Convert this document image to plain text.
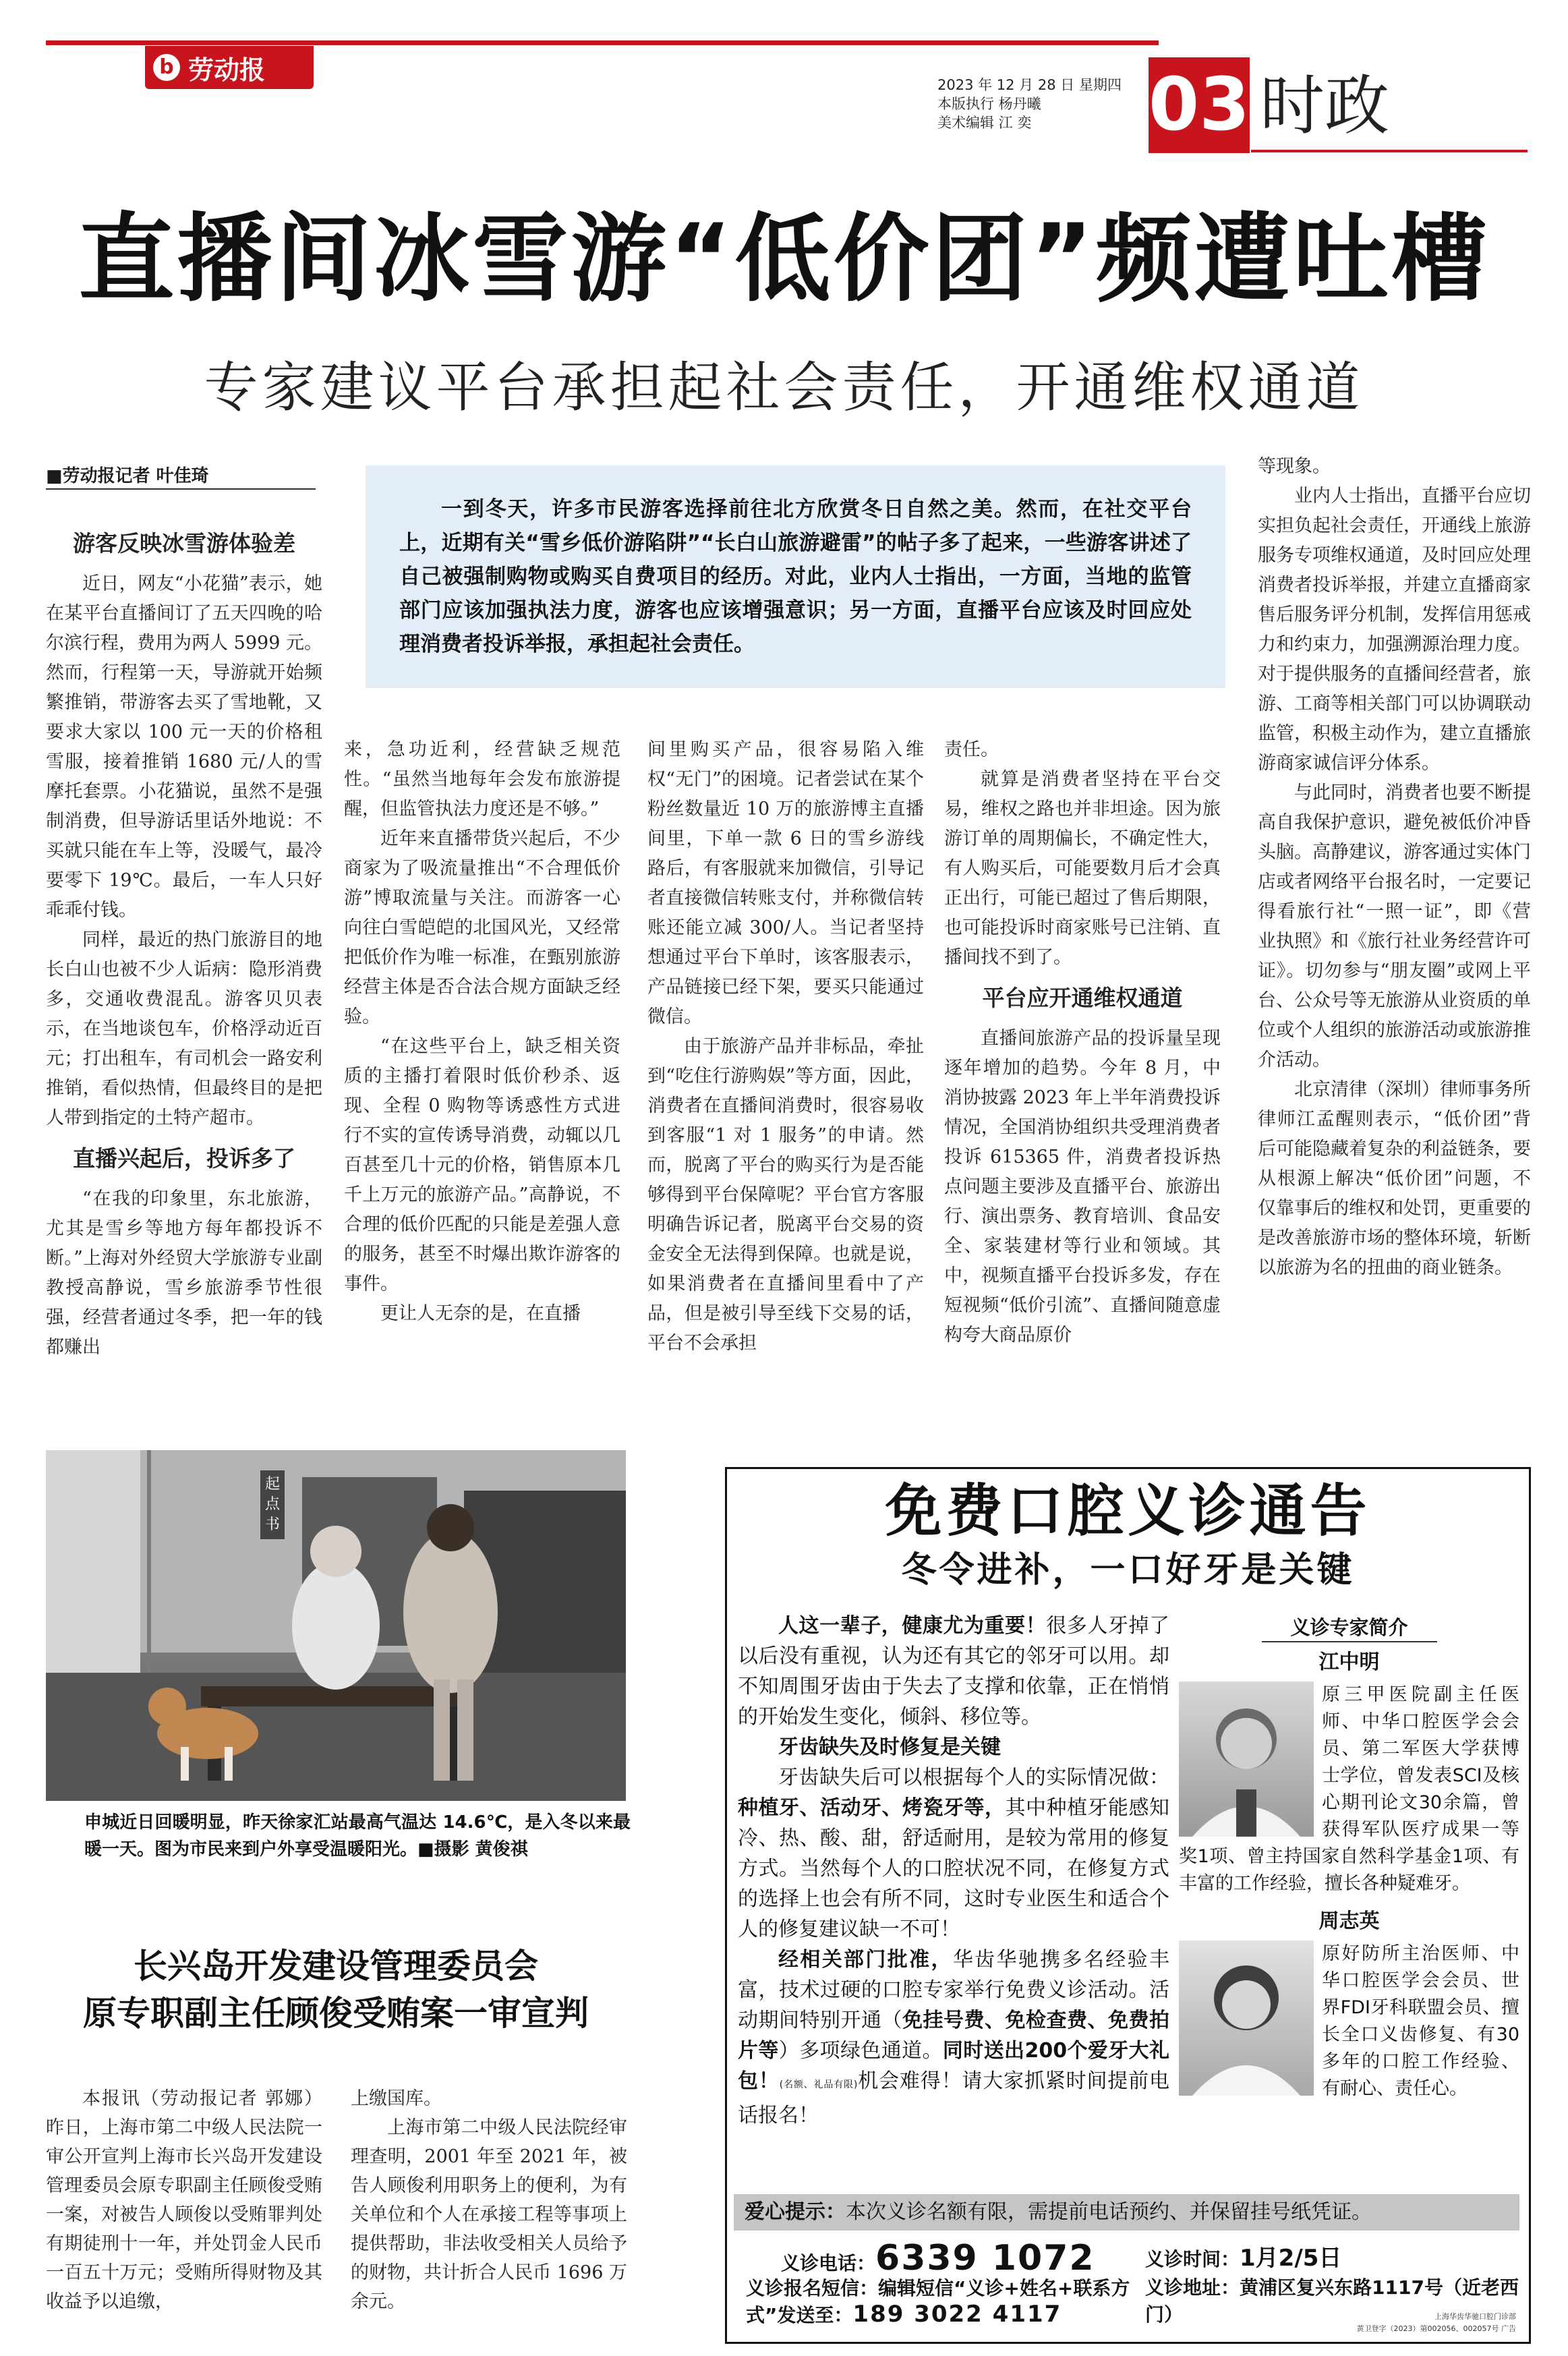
b 劳动报
2023 年 12 月 28 日 星期四
本版执行 杨丹曦
美术编辑 江 奕	03 时政
直播间冰雪游“低价团”频遭吐槽
专家建议平台承担起社会责任，开通维权通道
■劳动报记者 叶佳琦

一到冬天，许多市民游客选择前往北方欣赏冬日自然之美。然而，在社交平台上，近期有关“雪乡低价游陷阱”“长白山旅游避雷”的帖子多了起来，一些游客讲述了自己被强制购物或购买自费项目的经历。对此，业内人士指出，一方面，当地的监管部门应该加强执法力度，游客也应该增强意识；另一方面，直播平台应该及时回应处理消费者投诉举报，承担起社会责任。

游客反映冰雪游体验差

近日，网友“小花猫”表示，她在某平台直播间订了五天四晚的哈尔滨行程，费用为两人 5999 元。然而，行程第一天，导游就开始频繁推销，带游客去买了雪地靴，又要求大家以 100 元一天的价格租雪服，接着推销 1680 元/人的雪摩托套票。小花猫说，虽然不是强制消费，但导游话里话外地说：不买就只能在车上等，没暖气，最冷要零下 19℃。最后，一车人只好乖乖付钱。

同样，最近的热门旅游目的地长白山也被不少人诟病：隐形消费多，交通收费混乱。游客贝贝表示，在当地谈包车，价格浮动近百元；打出租车，有司机会一路安利推销，看似热情，但最终目的是把人带到指定的土特产超市。

直播兴起后，投诉多了

“在我的印象里，东北旅游，尤其是雪乡等地方每年都投诉不断。”上海对外经贸大学旅游专业副教授高静说，雪乡旅游季节性很强，经营者通过冬季，把一年的钱都赚出

来，急功近利，经营缺乏规范性。“虽然当地每年会发布旅游提醒，但监管执法力度还是不够。”

近年来直播带货兴起后，不少商家为了吸流量推出“不合理低价游”博取流量与关注。而游客一心向往白雪皑皑的北国风光，又经常把低价作为唯一标准，在甄别旅游经营主体是否合法合规方面缺乏经验。

“在这些平台上，缺乏相关资质的主播打着限时低价秒杀、返现、全程 0 购物等诱惑性方式进行不实的宣传诱导消费，动辄以几百甚至几十元的价格，销售原本几千上万元的旅游产品。”高静说，不合理的低价匹配的只能是差强人意的服务，甚至不时爆出欺诈游客的事件。

更让人无奈的是，在直播

间里购买产品，很容易陷入维权“无门”的困境。记者尝试在某个粉丝数量近 10 万的旅游博主直播间里，下单一款 6 日的雪乡游线路后，有客服就来加微信，引导记者直接微信转账支付，并称微信转账还能立减 300/人。当记者坚持想通过平台下单时，该客服表示，产品链接已经下架，要买只能通过微信。

由于旅游产品并非标品，牵扯到“吃住行游购娱”等方面，因此，消费者在直播间消费时，很容易收到客服“1 对 1 服务”的申请。然而，脱离了平台的购买行为是否能够得到平台保障呢？平台官方客服明确告诉记者，脱离平台交易的资金安全无法得到保障。也就是说，如果消费者在直播间里看中了产品，但是被引导至线下交易的话，平台不会承担

责任。

就算是消费者坚持在平台交易，维权之路也并非坦途。因为旅游订单的周期偏长，不确定性大，有人购买后，可能要数月后才会真正出行，可能已超过了售后期限，也可能投诉时商家账号已注销、直播间找不到了。

平台应开通维权通道

直播间旅游产品的投诉量呈现逐年增加的趋势。今年 8 月，中消协披露 2023 年上半年消费投诉情况，全国消协组织共受理消费者投诉 615365 件，消费者投诉热点问题主要涉及直播平台、旅游出行、演出票务、教育培训、食品安全、家装建材等行业和领域。其中，视频直播平台投诉多发，存在短视频“低价引流”、直播间随意虚构夸大商品原价

等现象。

业内人士指出，直播平台应切实担负起社会责任，开通线上旅游服务专项维权通道，及时回应处理消费者投诉举报，并建立直播商家售后服务评分机制，发挥信用惩戒力和约束力，加强溯源治理力度。对于提供服务的直播间经营者，旅游、工商等相关部门可以协调联动监管，积极主动作为，建立直播旅游商家诚信评分体系。

与此同时，消费者也要不断提高自我保护意识，避免被低价冲昏头脑。高静建议，游客通过实体门店或者网络平台报名时，一定要记得看旅行社“一照一证”，即《营业执照》和《旅行社业务经营许可证》。切勿参与“朋友圈”或网上平台、公众号等无旅游从业资质的单位或个人组织的旅游活动或旅游推介活动。

北京清律（深圳）律师事务所律师江孟醒则表示，“低价团”背后可能隐藏着复杂的利益链条，要从根源上解决“低价团”问题，不仅靠事后的维权和处罚，更重要的是改善旅游市场的整体环境，斩断以旅游为名的扭曲的商业链条。

起 点 书
申城近日回暖明显，昨天徐家汇站最高气温达 14.6℃，是入冬以来最暖一天。图为市民来到户外享受温暖阳光。■摄影 黄俊祺
长兴岛开发建设管理委员会
原专职副主任顾俊受贿案一审宣判

本报讯（劳动报记者 郭娜）昨日，上海市第二中级人民法院一审公开宣判上海市长兴岛开发建设管理委员会原专职副主任顾俊受贿一案，对被告人顾俊以受贿罪判处有期徒刑十一年，并处罚金人民币一百五十万元；受贿所得财物及其收益予以追缴，

上缴国库。

上海市第二中级人民法院经审理查明，2001 年至 2021 年，被告人顾俊利用职务上的便利，为有关单位和个人在承接工程等事项上提供帮助，非法收受相关人员给予的财物，共计折合人民币 1696 万余元。

免费口腔义诊通告
冬令进补，一口好牙是关键

人这一辈子，健康尤为重要！很多人牙掉了以后没有重视，认为还有其它的邻牙可以用。却不知周围牙齿由于失去了支撑和依靠，正在悄悄的开始发生变化，倾斜、移位等。

牙齿缺失及时修复是关键

牙齿缺失后可以根据每个人的实际情况做：种植牙、活动牙、烤瓷牙等，其中种植牙能感知冷、热、酸、甜，舒适耐用，是较为常用的修复方式。当然每个人的口腔状况不同，在修复方式的选择上也会有所不同，这时专业医生和适合个人的修复建议缺一不可！

经相关部门批准，华齿华驰携多名经验丰富，技术过硬的口腔专家举行免费义诊活动。活动期间特别开通（免挂号费、免检查费、免费拍片等）多项绿色通道。同时送出200个爱牙大礼包！(名额、礼品有限)机会难得！请大家抓紧时间提前电话报名！

义诊专家简介
江中明

原三甲医院副主任医师、中华口腔医学会会员、第二军医大学获博士学位，曾发表SCI及核心期刊论文30余篇，曾获得军队医疗成果一等奖1项、曾主持国家自然科学基金1项、有丰富的工作经验，擅长各种疑难牙。

周志英

原好防所主治医师、中华口腔医学会会员、世界FDI牙科联盟会员、擅长全口义齿修复、有30多年的口腔工作经验、有耐心、责任心。

爱心提示：本次义诊名额有限，需提前电话预约、并保留挂号纸凭证。
义诊电话：6339 1072	义诊时间：1月2/5日
义诊报名短信：编辑短信“义诊+姓名+联系方式”发送至：189 3022 4117
义诊地址：黄浦区复兴东路1117号（近老西门）	上海华齿华驰口腔门诊部
黄卫登字（2023）第002056、002057号 广告
